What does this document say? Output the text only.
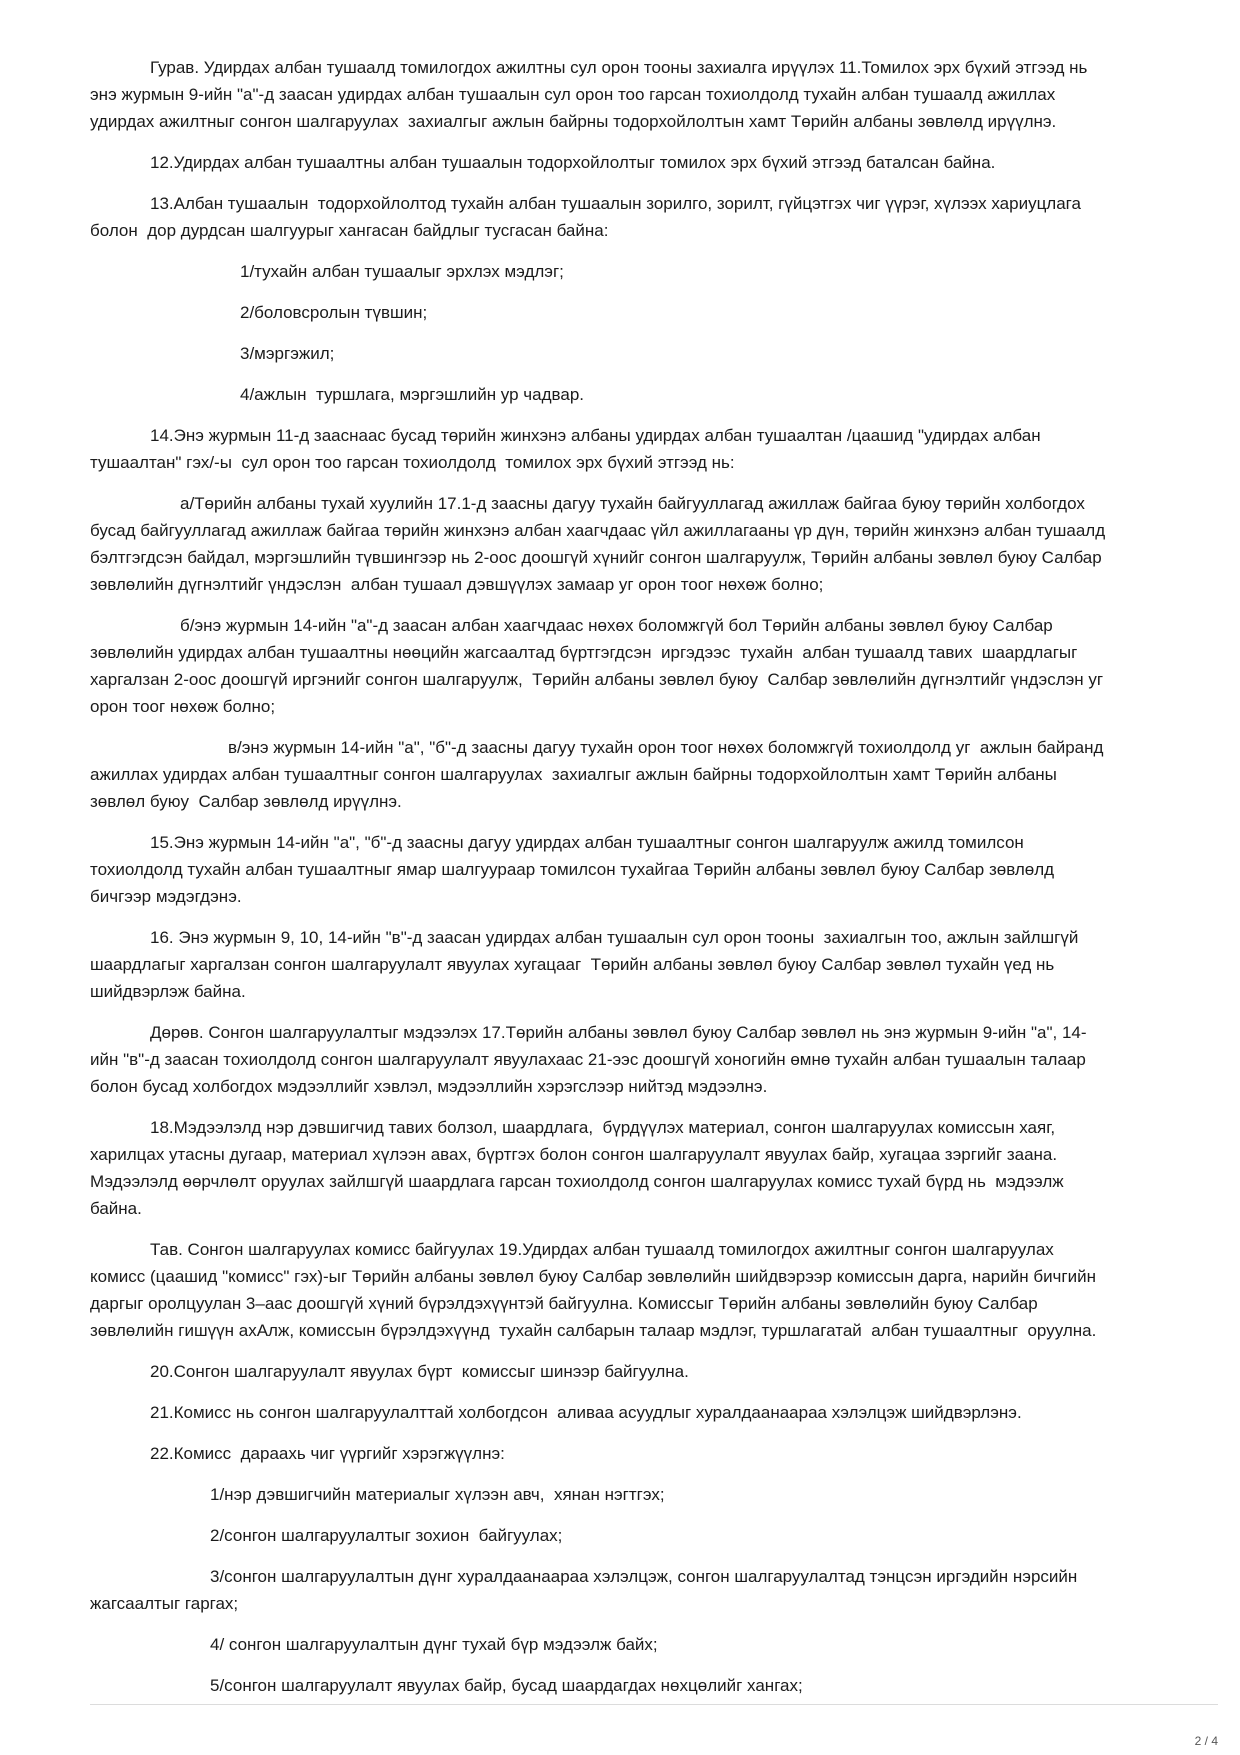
Гурав. Удирдах албан тушаалд томилогдох ажилтны сул орон тооны захиалга ирүүлэх 11.Томилох эрх бүхий этгээд нь
энэ журмын 9-ийн "а"-д заасан удирдах албан тушаалын сул орон тоо гарсан тохиолдолд тухайн албан тушаалд ажиллах
удирдах ажилтныг сонгон шалгаруулах  захиалгыг ажлын байрны тодорхойлолтын хамт Төрийн албаны зөвлөлд ирүүлнэ.
12.Удирдах албан тушаалтны албан тушаалын тодорхойлолтыг томилох эрх бүхий этгээд баталсан байна.
13.Албан тушаалын  тодорхойлолтод тухайн албан тушаалын зорилго, зорилт, гүйцэтгэх чиг үүрэг, хүлээх хариуцлага
болон  дор дурдсан шалгуурыг хангасан байдлыг тусгасан байна:
1/тухайн албан тушаалыг эрхлэх мэдлэг;
2/боловсролын түвшин;
3/мэргэжил;
4/ажлын  туршлага, мэргэшлийн ур чадвар.
14.Энэ журмын 11-д зааснаас бусад төрийн жинхэнэ албаны удирдах албан тушаалтан /цаашид "удирдах албан
тушаалтан" гэх/-ы  сул орон тоо гарсан тохиолдолд  томилох эрх бүхий этгээд нь:
а/Төрийн албаны тухай хуулийн 17.1-д заасны дагуу тухайн байгууллагад ажиллаж байгаа буюу төрийн холбогдох
бусад байгууллагад ажиллаж байгаа төрийн жинхэнэ албан хаагчдаас үйл ажиллагааны үр дүн, төрийн жинхэнэ албан тушаалд
бэлтгэгдсэн байдал, мэргэшлийн түвшингээр нь 2-оос доошгүй хүнийг сонгон шалгаруулж, Төрийн албаны зөвлөл буюу Салбар
зөвлөлийн дүгнэлтийг үндэслэн  албан тушаал дэвшүүлэх замаар уг орон тоог нөхөж болно;
б/энэ журмын 14-ийн "а"-д заасан албан хаагчдаас нөхөх боломжгүй бол Төрийн албаны зөвлөл буюу Салбар
зөвлөлийн удирдах албан тушаалтны нөөцийн жагсаалтад бүртгэгдсэн  иргэдээс  тухайн  албан тушаалд тавих  шаардлагыг
харгалзан 2-оос доошгүй иргэнийг сонгон шалгаруулж,  Төрийн албаны зөвлөл буюу  Салбар зөвлөлийн дүгнэлтийг үндэслэн уг
орон тоог нөхөж болно;
в/энэ журмын 14-ийн "а", "б"-д заасны дагуу тухайн орон тоог нөхөх боломжгүй тохиолдолд уг  ажлын байранд
ажиллах удирдах албан тушаалтныг сонгон шалгаруулах  захиалгыг ажлын байрны тодорхойлолтын хамт Төрийн албаны
зөвлөл буюу  Салбар зөвлөлд ирүүлнэ.
15.Энэ журмын 14-ийн "а", "б"-д заасны дагуу удирдах албан тушаалтныг сонгон шалгаруулж ажилд томилсон
тохиолдолд тухайн албан тушаалтныг ямар шалгуураар томилсон тухайгаа Төрийн албаны зөвлөл буюу Салбар зөвлөлд
бичгээр мэдэгдэнэ.
16. Энэ журмын 9, 10, 14-ийн "в"-д заасан удирдах албан тушаалын сул орон тооны  захиалгын тоо, ажлын зайлшгүй
шаардлагыг харгалзан сонгон шалгаруулалт явуулах хугацааг  Төрийн албаны зөвлөл буюу Салбар зөвлөл тухайн үед нь
шийдвэрлэж байна.
Дөрөв. Сонгон шалгаруулалтыг мэдээлэх 17.Төрийн албаны зөвлөл буюу Салбар зөвлөл нь энэ журмын 9-ийн "а", 14-
ийн "в"-д заасан тохиолдолд сонгон шалгаруулалт явуулахаас 21-ээс доошгүй хоногийн өмнө тухайн албан тушаалын талаар
болон бусад холбогдох мэдээллийг хэвлэл, мэдээллийн хэрэгслээр нийтэд мэдээлнэ.
18.Мэдээлэлд нэр дэвшигчид тавих болзол, шаардлага,  бүрдүүлэх материал, сонгон шалгаруулах комиссын хаяг,
харилцах утасны дугаар, материал хүлээн авах, бүртгэх болон сонгон шалгаруулалт явуулах байр, хугацаа зэргийг заана.
Мэдээлэлд өөрчлөлт оруулах зайлшгүй шаардлага гарсан тохиолдолд сонгон шалгаруулах комисс тухай бүрд нь  мэдээлж
байна.
Тав. Сонгон шалгаруулах комисс байгуулах 19.Удирдах албан тушаалд томилогдох ажилтныг сонгон шалгаруулах
комисс (цаашид "комисс" гэх)-ыг Төрийн албаны зөвлөл буюу Салбар зөвлөлийн шийдвэрээр комиссын дарга, нарийн бичгийн
даргыг оролцуулан 3–аас доошгүй хүний бүрэлдэхүүнтэй байгуулна. Комиссыг Төрийн албаны зөвлөлийн буюу Салбар
зөвлөлийн гишүүн ахАлж, комиссын бүрэлдэхүүнд  тухайн салбарын талаар мэдлэг, туршлагатай  албан тушаалтныг  оруулна.
20.Сонгон шалгаруулалт явуулах бүрт  комиссыг шинээр байгуулна.
21.Комисс нь сонгон шалгаруулалттай холбогдсон  аливаа асуудлыг хуралдаанаараа хэлэлцэж шийдвэрлэнэ.
22.Комисс  дараахь чиг үүргийг хэрэгжүүлнэ:
1/нэр дэвшигчийн материалыг хүлээн авч,  хянан нэгтгэх;
2/сонгон шалгаруулалтыг зохион  байгуулах;
3/сонгон шалгаруулалтын дүнг хуралдаанаараа хэлэлцэж, сонгон шалгаруулалтад тэнцсэн иргэдийн нэрсийн
жагсаалтыг гаргах;
4/ сонгон шалгаруулалтын дүнг тухай бүр мэдээлж байх;
5/сонгон шалгаруулалт явуулах байр, бусад шаардагдах нөхцөлийг хангах;
2 / 4
